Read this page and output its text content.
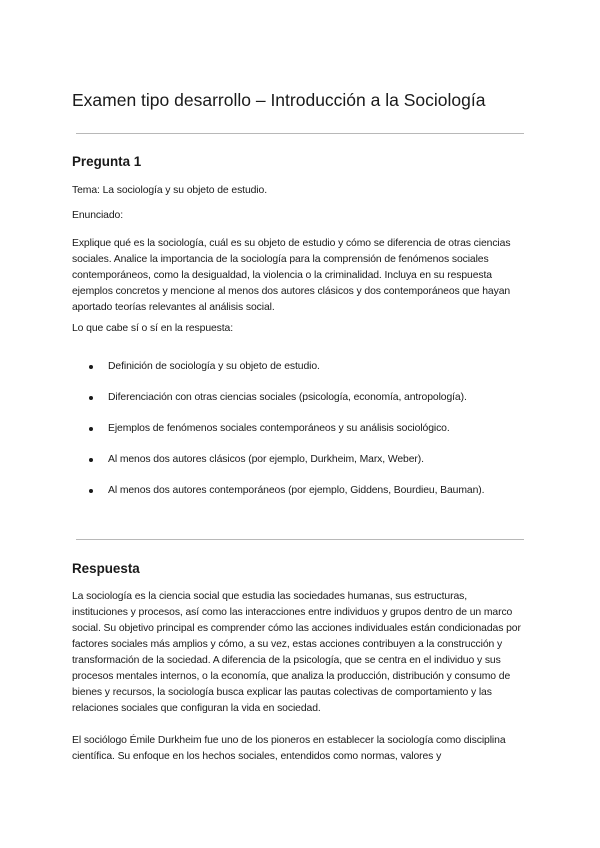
Examen tipo desarrollo – Introducción a la Sociología
Pregunta 1

Tema: La sociología y su objeto de estudio.

Enunciado:

Explique qué es la sociología, cuál es su objeto de estudio y cómo se diferencia de otras ciencias sociales. Analice la importancia de la sociología para la comprensión de fenómenos sociales contemporáneos, como la desigualdad, la violencia o la criminalidad. Incluya en su respuesta ejemplos concretos y mencione al menos dos autores clásicos y dos contemporáneos que hayan aportado teorías relevantes al análisis social.

Lo que cabe sí o sí en la respuesta:

Definición de sociología y su objeto de estudio.
Diferenciación con otras ciencias sociales (psicología, economía, antropología).
Ejemplos de fenómenos sociales contemporáneos y su análisis sociológico.
Al menos dos autores clásicos (por ejemplo, Durkheim, Marx, Weber).
Al menos dos autores contemporáneos (por ejemplo, Giddens, Bourdieu, Bauman).
Respuesta

La sociología es la ciencia social que estudia las sociedades humanas, sus estructuras, instituciones y procesos, así como las interacciones entre individuos y grupos dentro de un marco social. Su objetivo principal es comprender cómo las acciones individuales están condicionadas por factores sociales más amplios y cómo, a su vez, estas acciones contribuyen a la construcción y transformación de la sociedad. A diferencia de la psicología, que se centra en el individuo y sus procesos mentales internos, o la economía, que analiza la producción, distribución y consumo de bienes y recursos, la sociología busca explicar las pautas colectivas de comportamiento y las relaciones sociales que configuran la vida en sociedad.

El sociólogo Émile Durkheim fue uno de los pioneros en establecer la sociología como disciplina científica. Su enfoque en los hechos sociales, entendidos como normas, valores y
